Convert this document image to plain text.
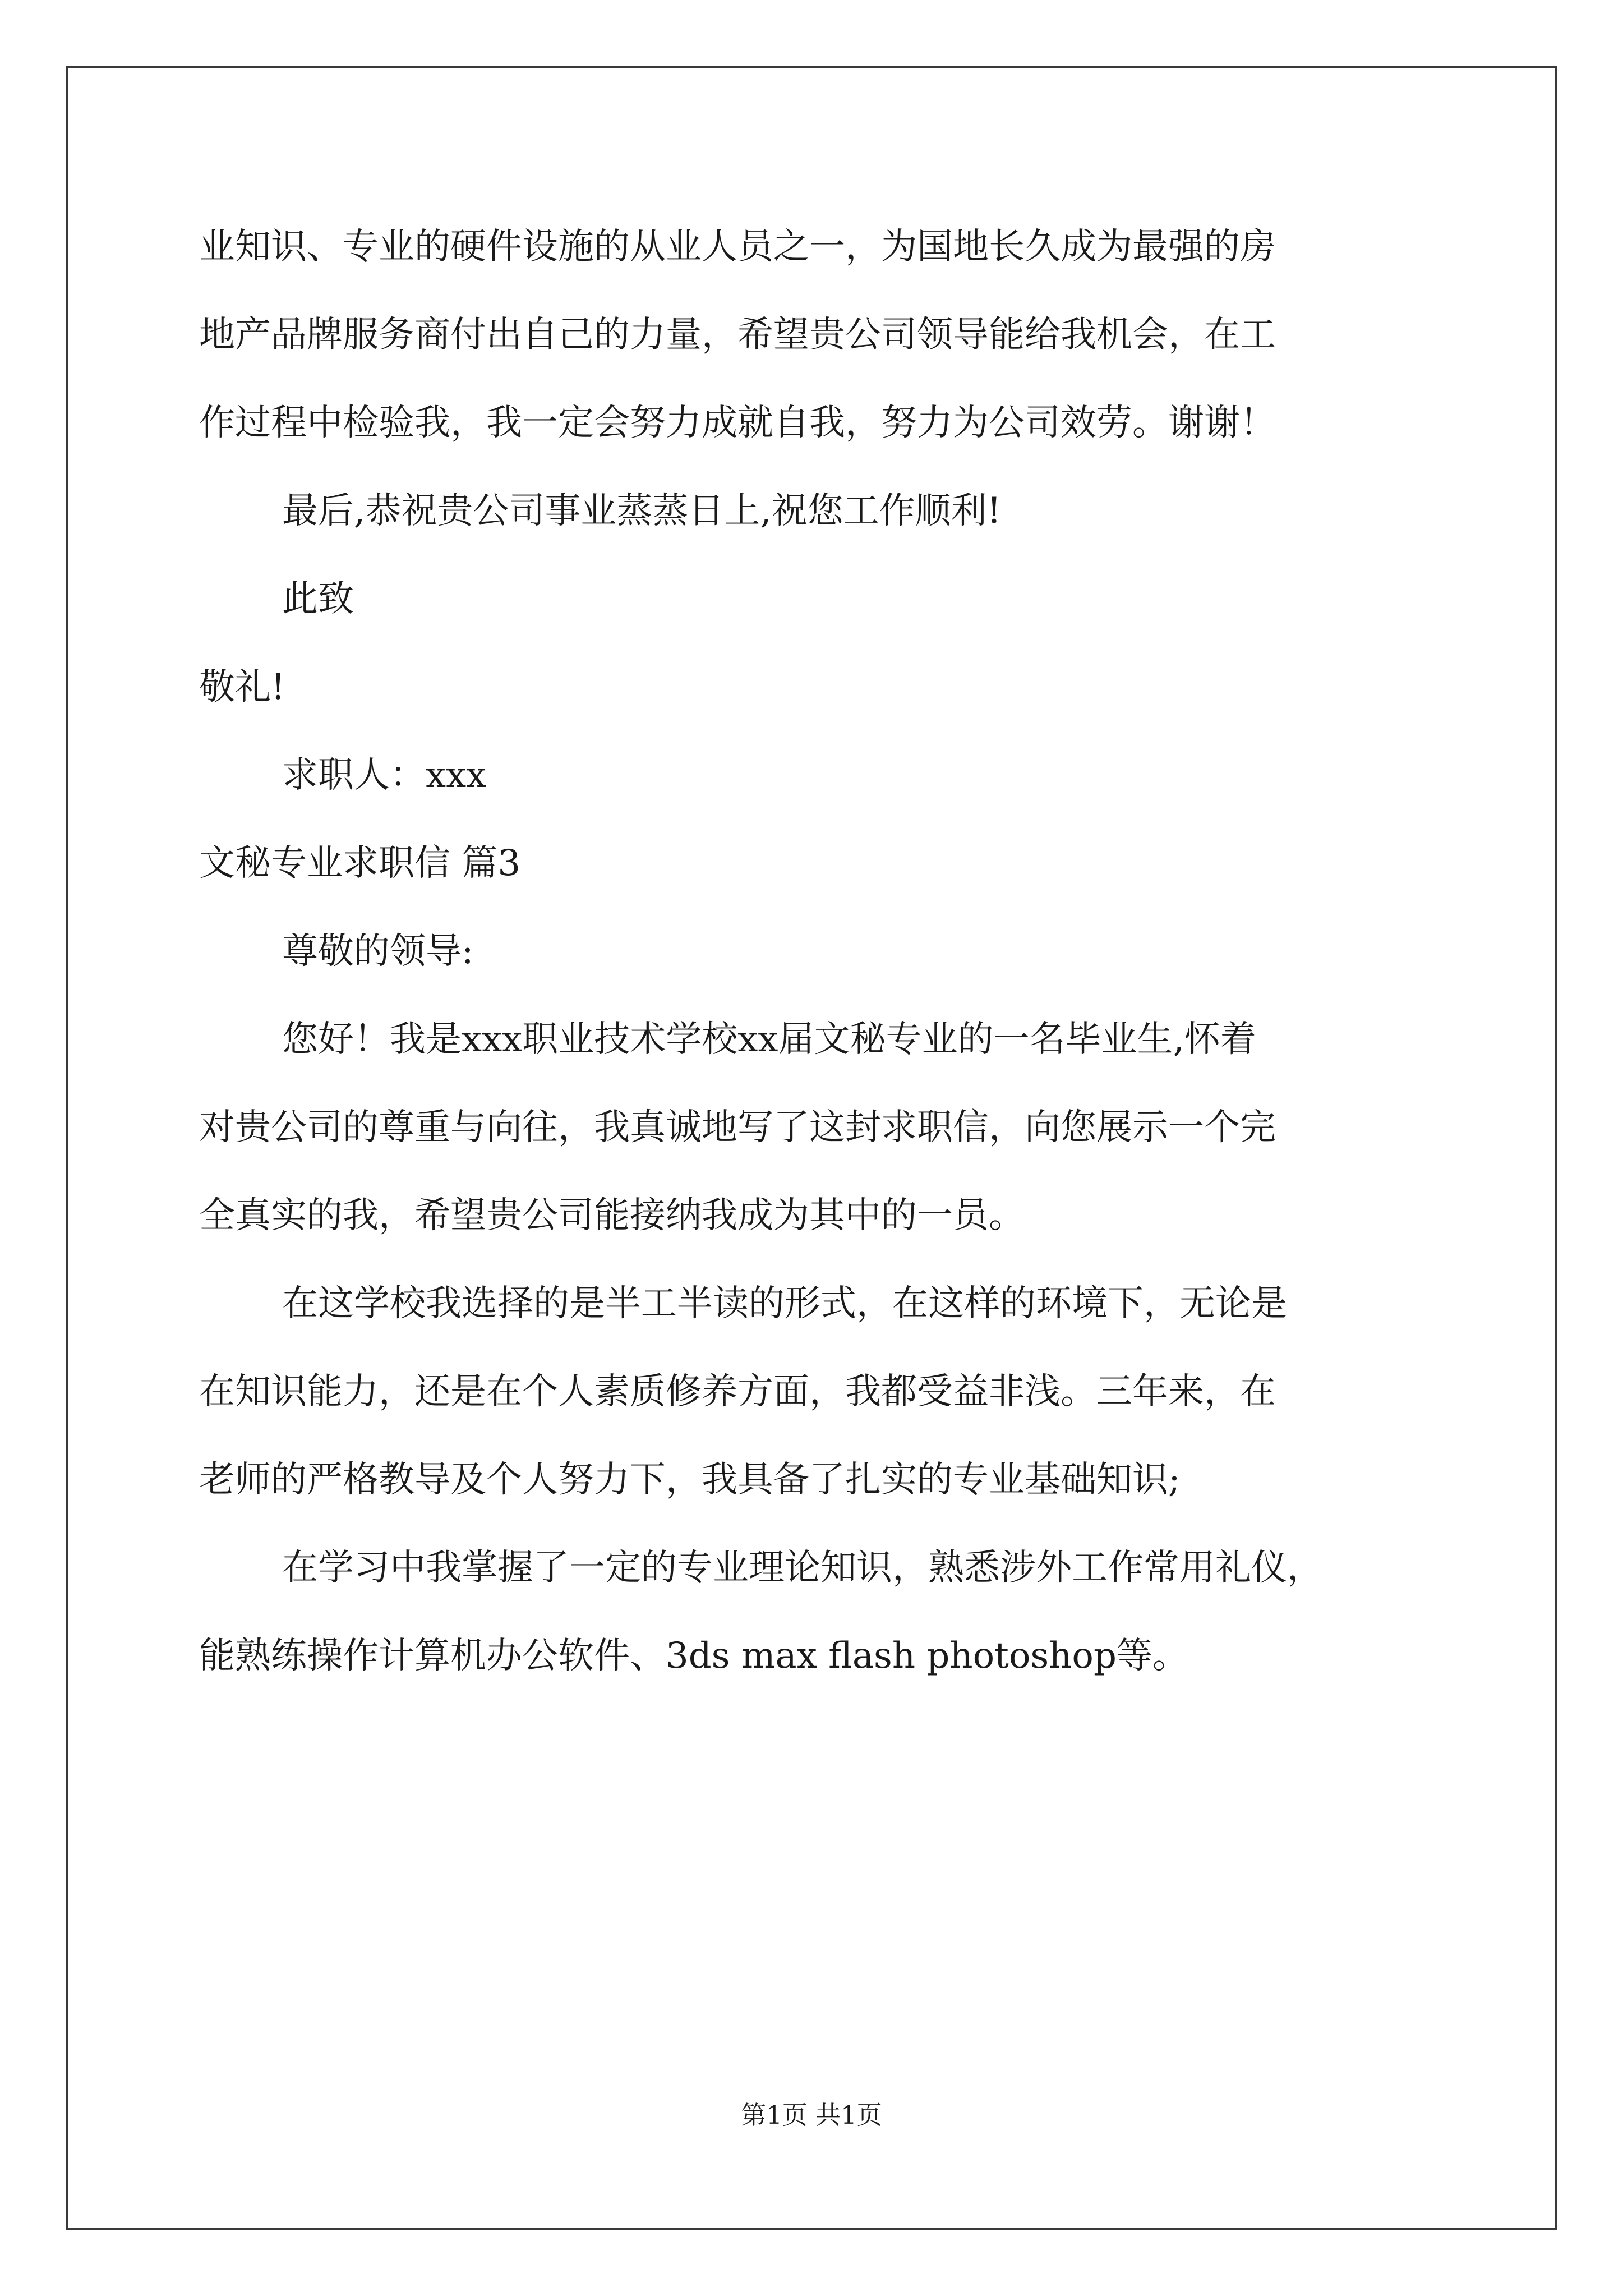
业知识、专业的硬件设施的从业人员之一，为国地长久成为最强的房
地产品牌服务商付出自己的力量，希望贵公司领导能给我机会，在工
作过程中检验我，我一定会努力成就自我，努力为公司效劳。谢谢！
最后,恭祝贵公司事业蒸蒸日上,祝您工作顺利!
此致
敬礼!
求职人：xxx
文秘专业求职信 篇3
尊敬的领导:
您好！我是xxx职业技术学校xx届文秘专业的一名毕业生,怀着
对贵公司的尊重与向往，我真诚地写了这封求职信，向您展示一个完
全真实的我，希望贵公司能接纳我成为其中的一员。
在这学校我选择的是半工半读的形式，在这样的环境下，无论是
在知识能力，还是在个人素质修养方面，我都受益非浅。三年来，在
老师的严格教导及个人努力下，我具备了扎实的专业基础知识;
在学习中我掌握了一定的专业理论知识，熟悉涉外工作常用礼仪，
能熟练操作计算机办公软件、3ds max flash photoshop等。
第1页 共1页
